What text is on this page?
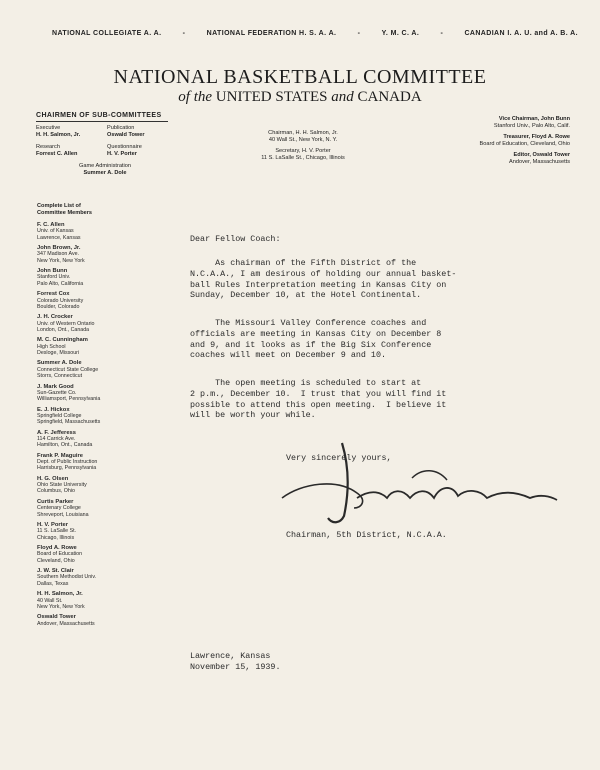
NATIONAL COLLEGIATE A. A.	-	NATIONAL FEDERATION H. S. A. A.	-	Y. M. C. A.	-	CANADIAN I. A. U. and A. B. A.
NATIONAL BASKETBALL COMMITTEE
of the UNITED STATES and CANADA
CHAIRMEN OF SUB-COMMITTEES
Executive
H. H. Salmon, Jr.
Publication
Oswald Tower
Research
Forrest C. Allen
Questionnaire
H. V. Porter
Game Administration
Summer A. Dole
Chairman, H. H. Salmon, Jr.
40 Wall St., New York, N. Y.
Secretary, H. V. Porter
11 S. LaSalle St., Chicago, Illinois
Vice Chairman, John Bunn
Stanford Univ., Palo Alto, Calif.
Treasurer, Floyd A. Rowe
Board of Education, Cleveland, Ohio
Editor, Oswald Tower
Andover, Massachusetts
Complete List of
Committee Members
F. C. Allen
Univ. of Kansas
Lawrence, Kansas
John Brown, Jr.
347 Madison Ave.
New York, New York
John Bunn
Stanford Univ.
Palo Alto, California
Forrest Cox
Colorado University
Boulder, Colorado
J. H. Crocker
Univ. of Western Ontario
London, Ont., Canada
M. C. Cunningham
High School
Desloge, Missouri
Summer A. Dole
Connecticut State College
Storrs, Connecticut
J. Mark Good
Sun-Gazette Co.
Williamsport, Pennsylvania
E. J. Hickox
Springfield College
Springfield, Massachusetts
A. F. Jefferess
114 Carrick Ave.
Hamilton, Ont., Canada
Frank P. Maguire
Dept. of Public Instruction
Harrisburg, Pennsylvania
H. G. Olsen
Ohio State University
Columbus, Ohio
Curtis Parker
Centenary College
Shreveport, Louisiana
H. V. Porter
11 S. LaSalle St.
Chicago, Illinois
Floyd A. Rowe
Board of Education
Cleveland, Ohio
J. W. St. Clair
Southern Methodist Univ.
Dallas, Texas
H. H. Salmon, Jr.
40 Wall St.
New York, New York
Oswald Tower
Andover, Massachusetts
Dear Fellow Coach:
As chairman of the Fifth District of the
N.C.A.A., I am desirous of holding our annual basket-
ball Rules Interpretation meeting in Kansas City on
Sunday, December 10, at the Hotel Continental.
The Missouri Valley Conference coaches and
officials are meeting in Kansas City on December 8
and 9, and it looks as if the Big Six Conference
coaches will meet on December 9 and 10.
The open meeting is scheduled to start at
2 p.m., December 10.  I trust that you will find it
possible to attend this open meeting.  I believe it
will be worth your while.
Very sincerely yours,
Chairman, 5th District, N.C.A.A.
Lawrence, Kansas
November 15, 1939.
